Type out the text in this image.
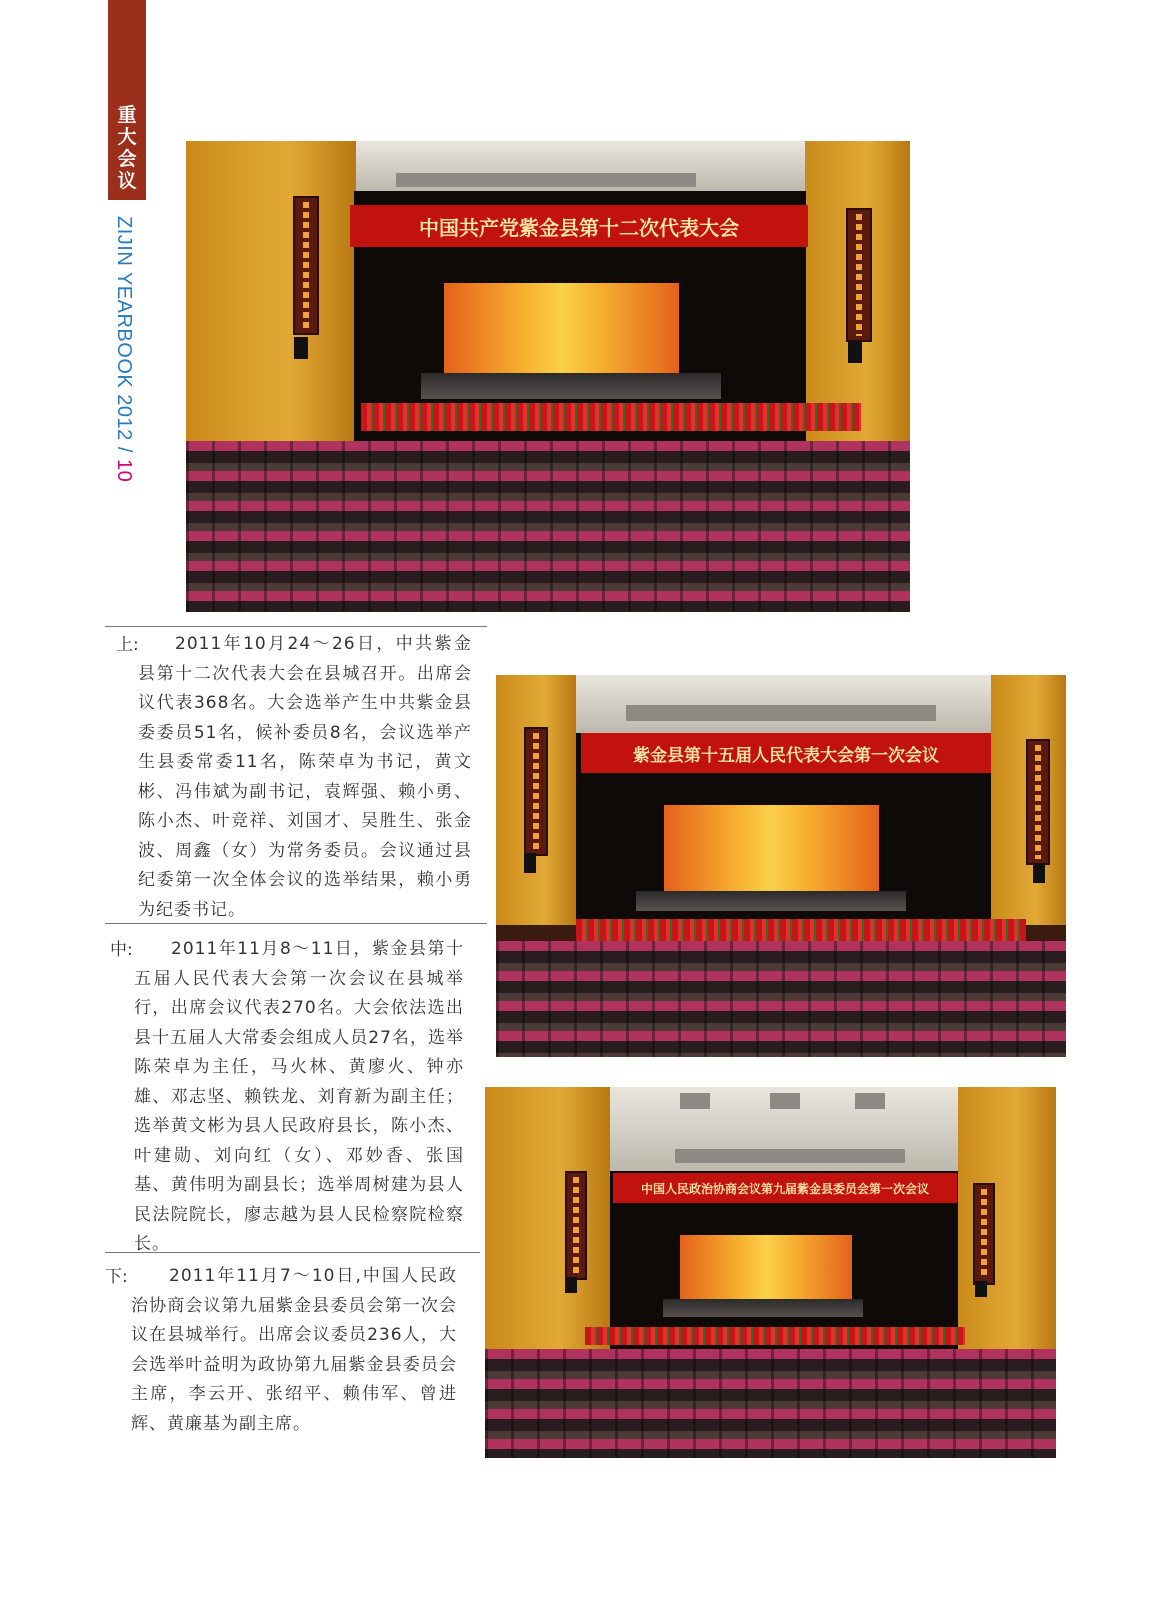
重
大
会
议
ZIJIN YEARBOOK 2012 / 10
中国共产党紫金县第十二次代表大会
上:	2011年10月24～26日，中共紫金县第十二次代表大会在县城召开。出席会议代表368名。大会选举产生中共紫金县委委员51名，候补委员8名，会议选举产生县委常委11名，陈荣卓为书记，黄文彬、冯伟斌为副书记，袁辉强、赖小勇、陈小杰、叶竞祥、刘国才、吴胜生、张金波、周鑫（女）为常务委员。会议通过县纪委第一次全体会议的选举结果，赖小勇为纪委书记。
紫金县第十五届人民代表大会第一次会议
中:	2011年11月8～11日，紫金县第十五届人民代表大会第一次会议在县城举行，出席会议代表270名。大会依法选出县十五届人大常委会组成人员27名，选举陈荣卓为主任，马火林、黄廖火、钟亦雄、邓志坚、赖铁龙、刘育新为副主任；选举黄文彬为县人民政府县长，陈小杰、叶建勋、刘向红（女）、邓妙香、张国基、黄伟明为副县长；选举周树建为县人民法院院长，廖志越为县人民检察院检察长。
中国人民政治协商会议第九届紫金县委员会第一次会议
下:	2011年11月7～10日,中国人民政治协商会议第九届紫金县委员会第一次会议在县城举行。出席会议委员236人，大会选举叶益明为政协第九届紫金县委员会主席，李云开、张绍平、赖伟军、曾进辉、黄廉基为副主席。
